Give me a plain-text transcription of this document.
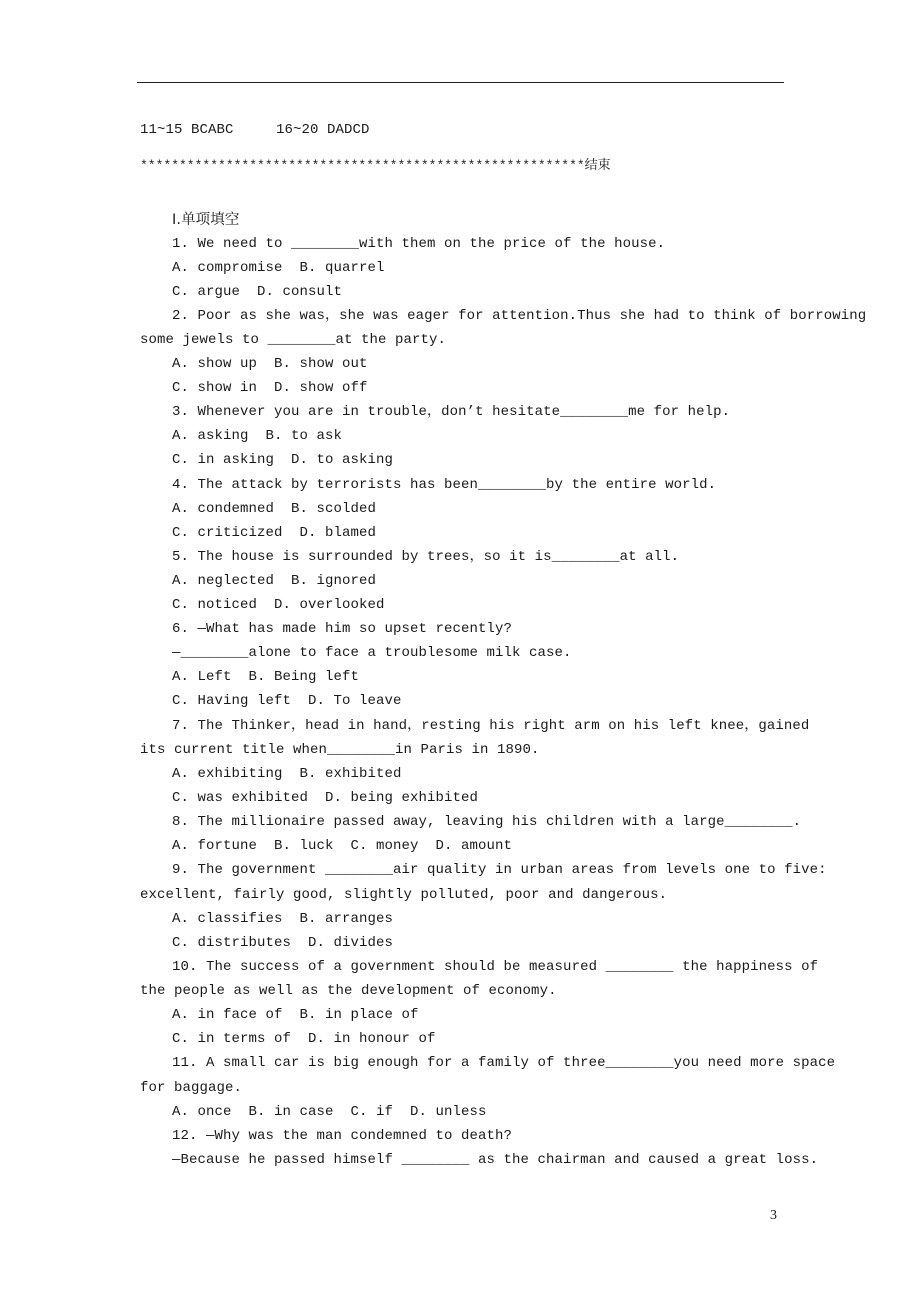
11~15 BCABC     16~20 DADCD
*********************************************************结束
Ⅰ.单项填空
1. We need to ________with them on the price of the house.
A. compromise  B. quarrel
C. argue  D. consult
2. Poor as she was，she was eager for attention.Thus she had to think of borrowing
some jewels to ________at the party.
A. show up  B. show out
C. show in  D. show off
3. Whenever you are in trouble，don’t hesitate________me for help.
A. asking  B. to ask
C. in asking  D. to asking
4. The attack by terrorists has been________by the entire world.
A. condemned  B. scolded
C. criticized  D. blamed
5. The house is surrounded by trees，so it is________at all.
A. neglected  B. ignored
C. noticed  D. overlooked
6. —What has made him so upset recently?
—________alone to face a troublesome milk case.
A. Left  B. Being left
C. Having left  D. To leave
7. The Thinker，head in hand，resting his right arm on his left knee，gained
its current title when________in Paris in 1890.
A. exhibiting  B. exhibited
C. was exhibited  D. being exhibited
8. The millionaire passed away, leaving his children with a large________.
A. fortune  B. luck  C. money  D. amount
9. The government ________air quality in urban areas from levels one to five:
excellent, fairly good, slightly polluted, poor and dangerous.
A. classifies  B. arranges
C. distributes  D. divides
10. The success of a government should be measured ________ the happiness of
the people as well as the development of economy.
A. in face of  B. in place of
C. in terms of  D. in honour of
11. A small car is big enough for a family of three________you need more space
for baggage.
A. once  B. in case  C. if  D. unless
12. —Why was the man condemned to death?
—Because he passed himself ________ as the chairman and caused a great loss.
3
